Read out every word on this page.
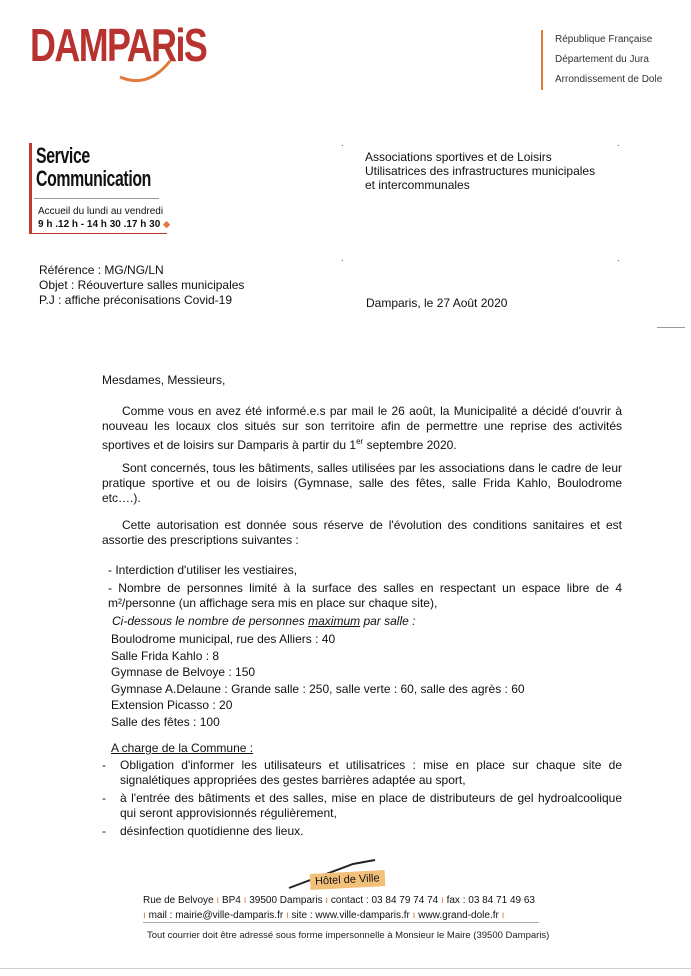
DAMPARiS	République Française
Département du Jura
Arrondissement de Dole
Service
Communication
Accueil du lundi au vendredi
9 h .12 h - 14 h 30 .17 h 30 ◆
.	.
.	.
Associations sportives et de Loisirs
Utilisatrices des infrastructures municipales
et intercommunales
Référence : MG/NG/LN
Objet : Réouverture salles municipales
P.J : affiche préconisations Covid-19	Damparis, le 27 Août 2020
Mesdames, Messieurs,

Comme vous en avez été informé.e.s par mail le 26 août, la Municipalité a décidé d'ouvrir à nouveau les locaux clos situés sur son territoire afin de permettre une reprise des activités sportives et de loisirs sur Damparis à partir du 1er septembre 2020.

Sont concernés, tous les bâtiments, salles utilisées par les associations dans le cadre de leur pratique sportive et ou de loisirs (Gymnase, salle des fêtes, salle Frida Kahlo, Boulodrome etc….).

Cette autorisation est donnée sous réserve de l'évolution des conditions sanitaires et est assortie des prescriptions suivantes :

- Interdiction d'utiliser les vestiaires,

- Nombre de personnes limité à la surface des salles en respectant un espace libre de 4 m²/personne (un affichage sera mis en place sur chaque site),

Ci-dessous le nombre de personnes maximum par salle :
Boulodrome municipal, rue des Alliers : 40
Salle Frida Kahlo : 8
Gymnase de Belvoye : 150
Gymnase A.Delaune : Grande salle : 250, salle verte : 60, salle des agrès : 60
Extension Picasso : 20
Salle des fêtes : 100
A charge de la Commune :
- Obligation d'informer les utilisateurs et utilisatrices : mise en place sur chaque site de signalétiques appropriées des gestes barrières adaptée au sport,
- à l'entrée des bâtiments et des salles, mise en place de distributeurs de gel hydroalcoolique qui seront approvisionnés régulièrement,
- désinfection quotidienne des lieux.
Hôtel de Ville
Rue de Belvoye ı BP4 ı 39500 Damparis ı contact : 03 84 79 74 74 ı fax : 03 84 71 49 63
ı mail : mairie@ville-damparis.fr ı site : www.ville-damparis.fr ı www.grand-dole.fr ı
Tout courrier doit être adressé sous forme impersonnelle à Monsieur le Maire (39500 Damparis)
